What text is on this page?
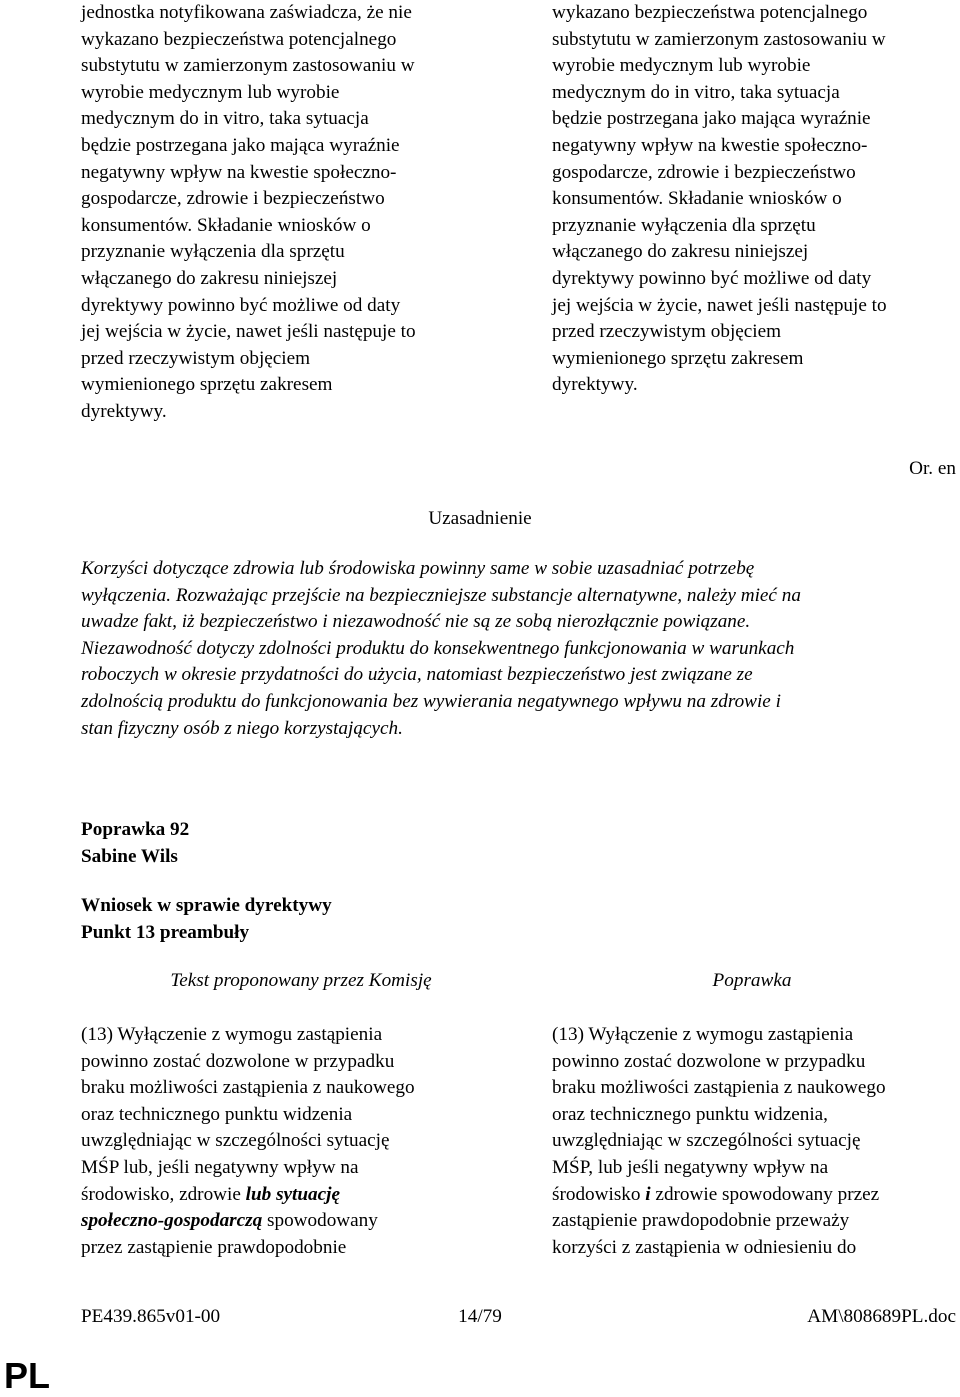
jednostka notyfikowana zaświadcza, że nie
wykazano bezpieczeństwa potencjalnego
substytutu w zamierzonym zastosowaniu w
wyrobie medycznym lub wyrobie
medycznym do in vitro, taka sytuacja
będzie postrzegana jako mająca wyraźnie
negatywny wpływ na kwestie społeczno-
gospodarcze, zdrowie i bezpieczeństwo
konsumentów. Składanie wniosków o
przyznanie wyłączenia dla sprzętu
włączanego do zakresu niniejszej
dyrektywy powinno być możliwe od daty
jej wejścia w życie, nawet jeśli następuje to
przed rzeczywistym objęciem
wymienionego sprzętu zakresem
dyrektywy.
wykazano bezpieczeństwa potencjalnego
substytutu w zamierzonym zastosowaniu w
wyrobie medycznym lub wyrobie
medycznym do in vitro, taka sytuacja
będzie postrzegana jako mająca wyraźnie
negatywny wpływ na kwestie społeczno-
gospodarcze, zdrowie i bezpieczeństwo
konsumentów. Składanie wniosków o
przyznanie wyłączenia dla sprzętu
włączanego do zakresu niniejszej
dyrektywy powinno być możliwe od daty
jej wejścia w życie, nawet jeśli następuje to
przed rzeczywistym objęciem
wymienionego sprzętu zakresem
dyrektywy.
Or. en
Uzasadnienie
Korzyści dotyczące zdrowia lub środowiska powinny same w sobie uzasadniać potrzebę
wyłączenia. Rozważając przejście na bezpieczniejsze substancje alternatywne, należy mieć na
uwadze fakt, iż bezpieczeństwo i niezawodność nie są ze sobą nierozłącznie powiązane.
Niezawodność dotyczy zdolności produktu do konsekwentnego funkcjonowania w warunkach
roboczych w okresie przydatności do użycia, natomiast bezpieczeństwo jest związane ze
zdolnością produktu do funkcjonowania bez wywierania negatywnego wpływu na zdrowie i
stan fizyczny osób z niego korzystających.
Poprawka 92
Sabine Wils
Wniosek w sprawie dyrektywy
Punkt 13 preambuły
Tekst proponowany przez Komisję	Poprawka
(13) Wyłączenie z wymogu zastąpienia
powinno zostać dozwolone w przypadku
braku możliwości zastąpienia z naukowego
oraz technicznego punktu widzenia
uwzględniając w szczególności sytuację
MŚP lub, jeśli negatywny wpływ na
środowisko, zdrowie lub sytuację
społeczno-gospodarczą spowodowany
przez zastąpienie prawdopodobnie
(13) Wyłączenie z wymogu zastąpienia
powinno zostać dozwolone w przypadku
braku możliwości zastąpienia z naukowego
oraz technicznego punktu widzenia,
uwzględniając w szczególności sytuację
MŚP, lub jeśli negatywny wpływ na
środowisko i zdrowie spowodowany przez
zastąpienie prawdopodobnie przeważy
korzyści z zastąpienia w odniesieniu do
PE439.865v01-00	14/79	AM\808689PL.doc
PL
